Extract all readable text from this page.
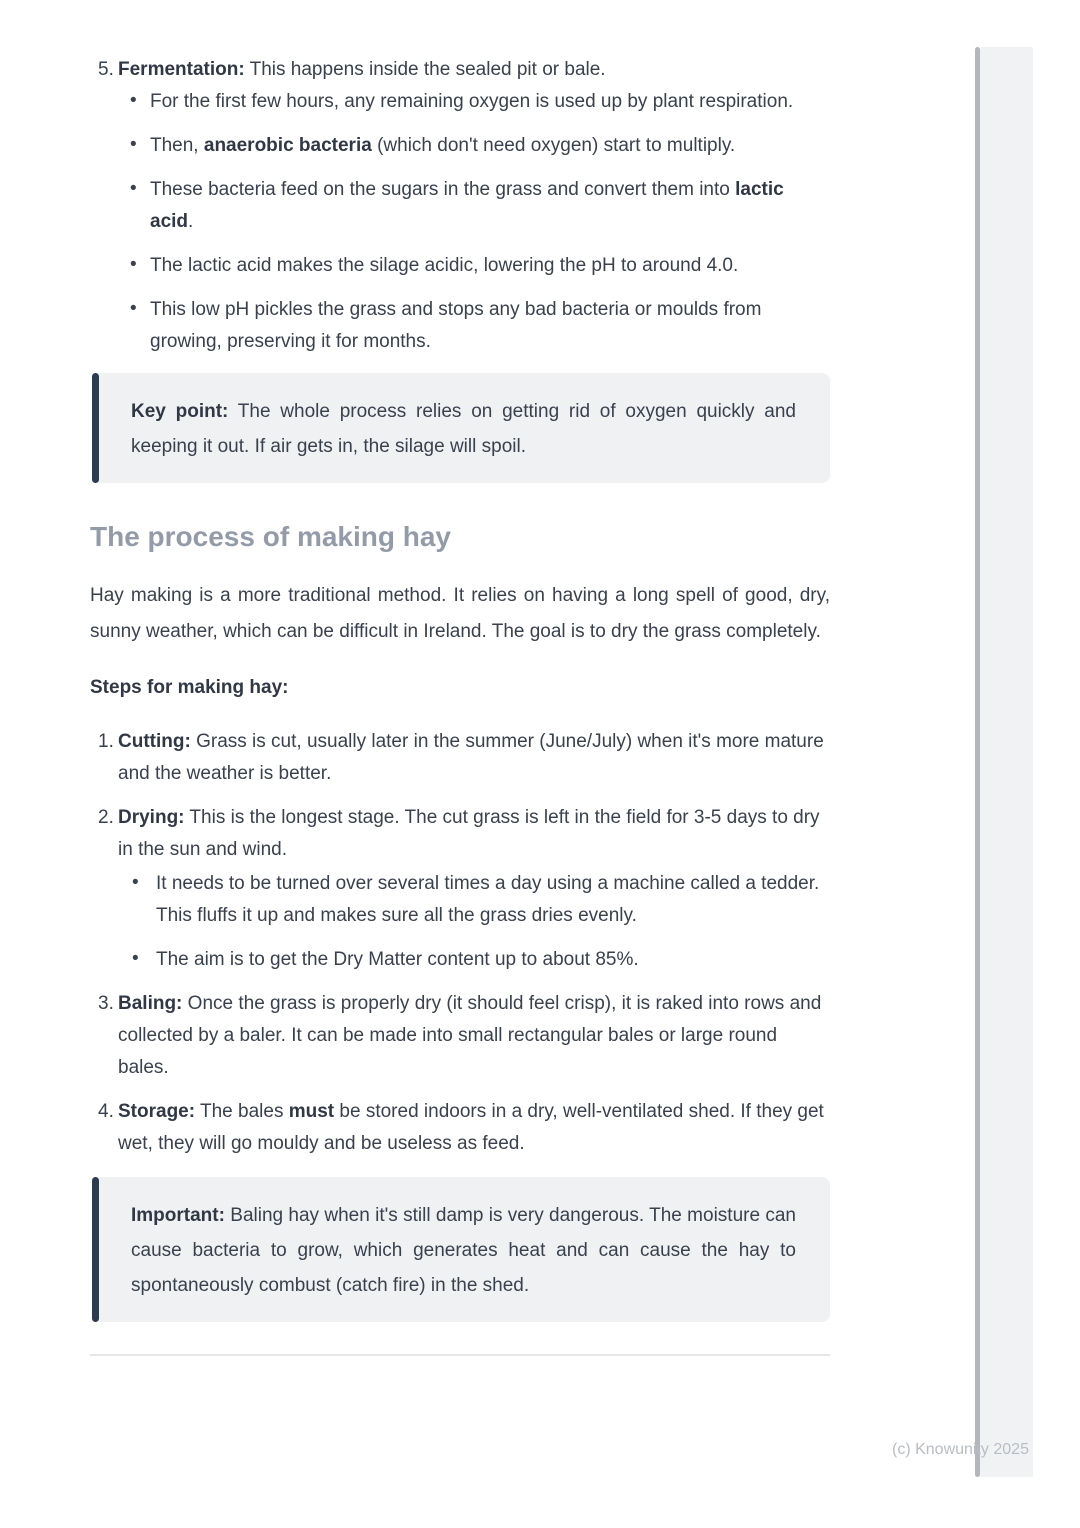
5. Fermentation: This happens inside the sealed pit or bale.
• For the first few hours, any remaining oxygen is used up by plant respiration.
• Then, anaerobic bacteria (which don't need oxygen) start to multiply.
• These bacteria feed on the sugars in the grass and convert them into lactic acid.
• The lactic acid makes the silage acidic, lowering the pH to around 4.0.
• This low pH pickles the grass and stops any bad bacteria or moulds from growing, preserving it for months.
Key point: The whole process relies on getting rid of oxygen quickly and keeping it out. If air gets in, the silage will spoil.
The process of making hay

Hay making is a more traditional method. It relies on having a long spell of good, dry, sunny weather, which can be difficult in Ireland. The goal is to dry the grass completely.

Steps for making hay:
1. Cutting: Grass is cut, usually later in the summer (June/July) when it's more mature and the weather is better.
2. Drying: This is the longest stage. The cut grass is left in the field for 3-5 days to dry in the sun and wind.
• It needs to be turned over several times a day using a machine called a tedder. This fluffs it up and makes sure all the grass dries evenly.
• The aim is to get the Dry Matter content up to about 85%.
3. Baling: Once the grass is properly dry (it should feel crisp), it is raked into rows and collected by a baler. It can be made into small rectangular bales or large round bales.
4. Storage: The bales must be stored indoors in a dry, well-ventilated shed. If they get wet, they will go mouldy and be useless as feed.
Important: Baling hay when it's still damp is very dangerous. The moisture can cause bacteria to grow, which generates heat and can cause the hay to spontaneously combust (catch fire) in the shed.
(c) Knowunity 2025
